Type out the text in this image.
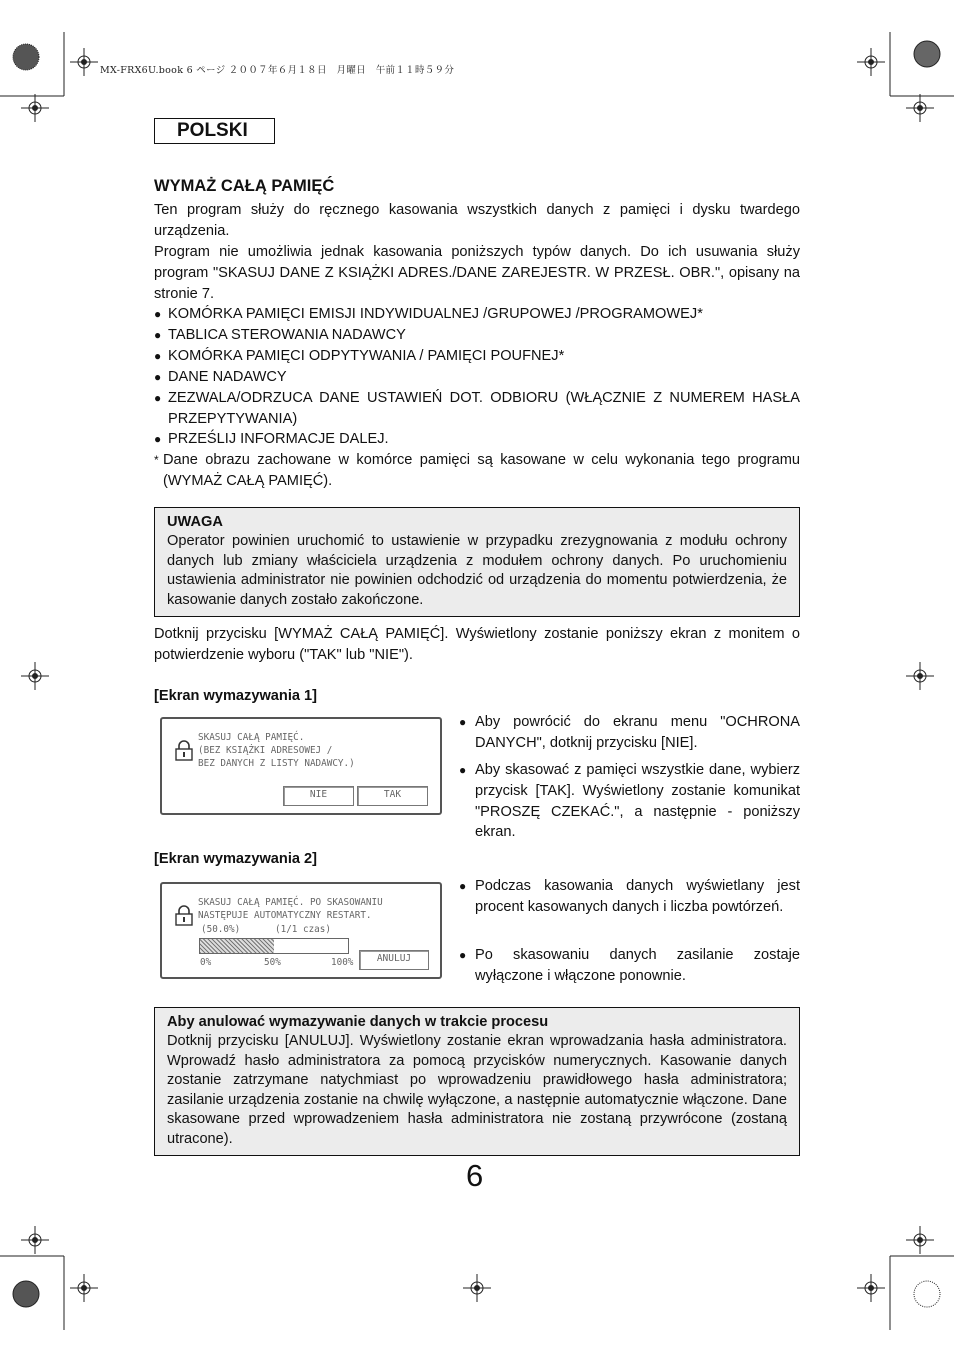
MX-FRX6U.book 6 ページ ２００７年６月１８日　月曜日　午前１１時５９分
POLSKI
WYMAŻ CAŁĄ PAMIĘĆ
Ten program służy do ręcznego kasowania wszystkich danych z pamięci i dysku twardego urządzenia.
Program nie umożliwia jednak kasowania poniższych typów danych. Do ich usuwania służy program "SKASUJ DANE Z KSIĄŻKI ADRES./DANE ZAREJESTR. W PRZESŁ. OBR.", opisany na stronie 7.
● KOMÓRKA PAMIĘCI EMISJI INDYWIDUALNEJ /GRUPOWEJ /PROGRAMOWEJ*
● TABLICA STEROWANIA NADAWCY
● KOMÓRKA PAMIĘCI ODPYTYWANIA / PAMIĘCI POUFNEJ*
● DANE NADAWCY
● ZEZWALA/ODRZUCA DANE USTAWIEŃ DOT. ODBIORU (WŁĄCZNIE Z NUMEREM HASŁA PRZEPYTYWANIA)
● PRZEŚLIJ INFORMACJE DALEJ.
* Dane obrazu zachowane w komórce pamięci są kasowane w celu wykonania tego programu (WYMAŻ CAŁĄ PAMIĘĆ).
UWAGA
Operator powinien uruchomić to ustawienie w przypadku zrezygnowania z modułu ochrony danych lub zmiany właściciela urządzenia z modułem ochrony danych. Po uruchomieniu ustawienia administrator nie powinien odchodzić od urządzenia do momentu potwierdzenia, że kasowanie danych zostało zakończone.
Dotknij przycisku [WYMAŻ CAŁĄ PAMIĘĆ]. Wyświetlony zostanie poniższy ekran z monitem o potwierdzenie wyboru ("TAK" lub "NIE").
[Ekran wymazywania 1]
SKASUJ CAŁĄ PAMIĘĆ.
(BEZ KSIĄŻKI ADRESOWEJ /
BEZ DANYCH Z LISTY NADAWCY.)
NIE	TAK
● Aby powrócić do ekranu menu "OCHRONA DANYCH", dotknij przycisku [NIE].
● Aby skasować z pamięci wszystkie dane, wybierz przycisk [TAK]. Wyświetlony zostanie komunikat "PROSZĘ CZEKAĆ.", a następnie - poniższy ekran.
[Ekran wymazywania 2]
SKASUJ CAŁĄ PAMIĘĆ. PO SKASOWANIU
NASTĘPUJE AUTOMATYCZNY RESTART.
(50.0%)	(1/1 czas)
0%	50%	100%	ANULUJ
● Podczas kasowania danych wyświetlany jest procent kasowanych danych i liczba powtórzeń.
● Po skasowaniu danych zasilanie zostaje wyłączone i włączone ponownie.
Aby anulować wymazywanie danych w trakcie procesu
Dotknij przycisku [ANULUJ]. Wyświetlony zostanie ekran wprowadzania hasła administratora. Wprowadź hasło administratora za pomocą przycisków numerycznych. Kasowanie danych zostanie zatrzymane natychmiast po wprowadzeniu prawidłowego hasła administratora; zasilanie urządzenia zostanie na chwilę wyłączone, a następnie automatycznie włączone. Dane skasowane przed wprowadzeniem hasła administratora nie zostaną przywrócone (zostaną utracone).
6
